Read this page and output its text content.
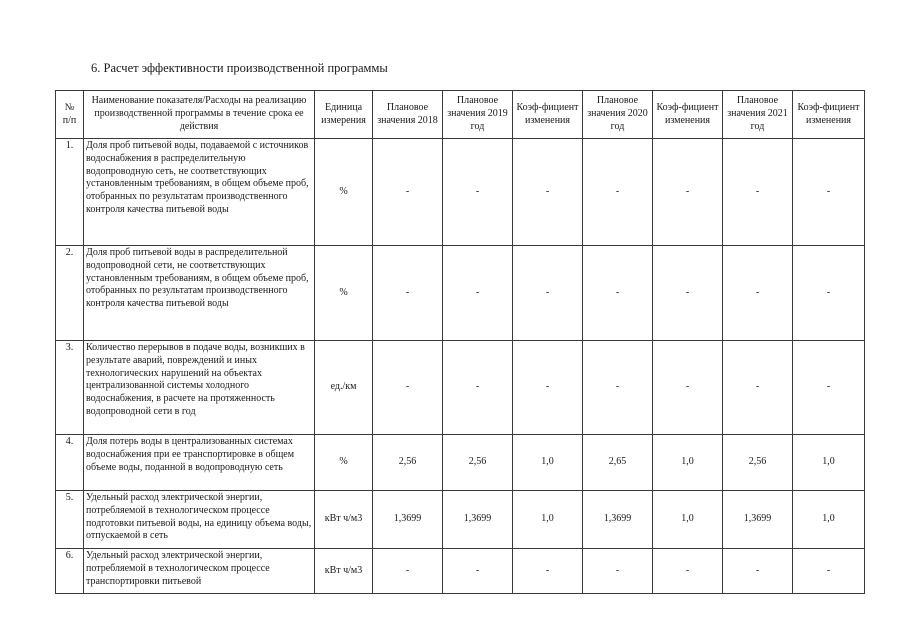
6. Расчет эффективности производственной программы
№
п/п	Наименование показателя/Расходы на реализацию производственной программы в течение срока ее действия	Единица измерения	Плановое значения 2018	Плановое значения 2019 год	Коэф-фициент изменения	Плановое значения 2020 год	Коэф-фициент изменения	Плановое значения 2021 год	Коэф-фициент изменения
1.	Доля проб питьевой воды, подаваемой с источников водоснабжения в распределительную водопроводную сеть, не соответствующих установленным требованиям, в общем объеме проб, отобранных по результатам производственного контроля качества питьевой воды	%	-	-	-	-	-	-	-
2.	Доля проб питьевой воды в распределительной водопроводной сети, не соответствующих установленным требованиям, в общем объеме проб, отобранных по результатам производственного контроля качества питьевой воды	%	-	-	-	-	-	-	-
3.	Количество перерывов в подаче воды, возникших в результате аварий, повреждений и иных технологических нарушений на объектах централизованной системы холодного водоснабжения, в расчете на протяженность водопроводной сети в год	ед./км	-	-	-	-	-	-	-
4.	Доля потерь воды в централизованных системах водоснабжения при ее транспортировке в общем объеме воды, поданной в водопроводную сеть	%	2,56	2,56	1,0	2,65	1,0	2,56	1,0
5.	Удельный расход электрической энергии, потребляемой в технологическом процессе подготовки питьевой воды, на единицу объема воды, отпускаемой в сеть	кВт ч/м3	1,3699	1,3699	1,0	1,3699	1,0	1,3699	1,0
6.	Удельный расход электрической энергии, потребляемой в технологическом процессе транспортировки питьевой	кВт ч/м3	-	-	-	-	-	-	-
